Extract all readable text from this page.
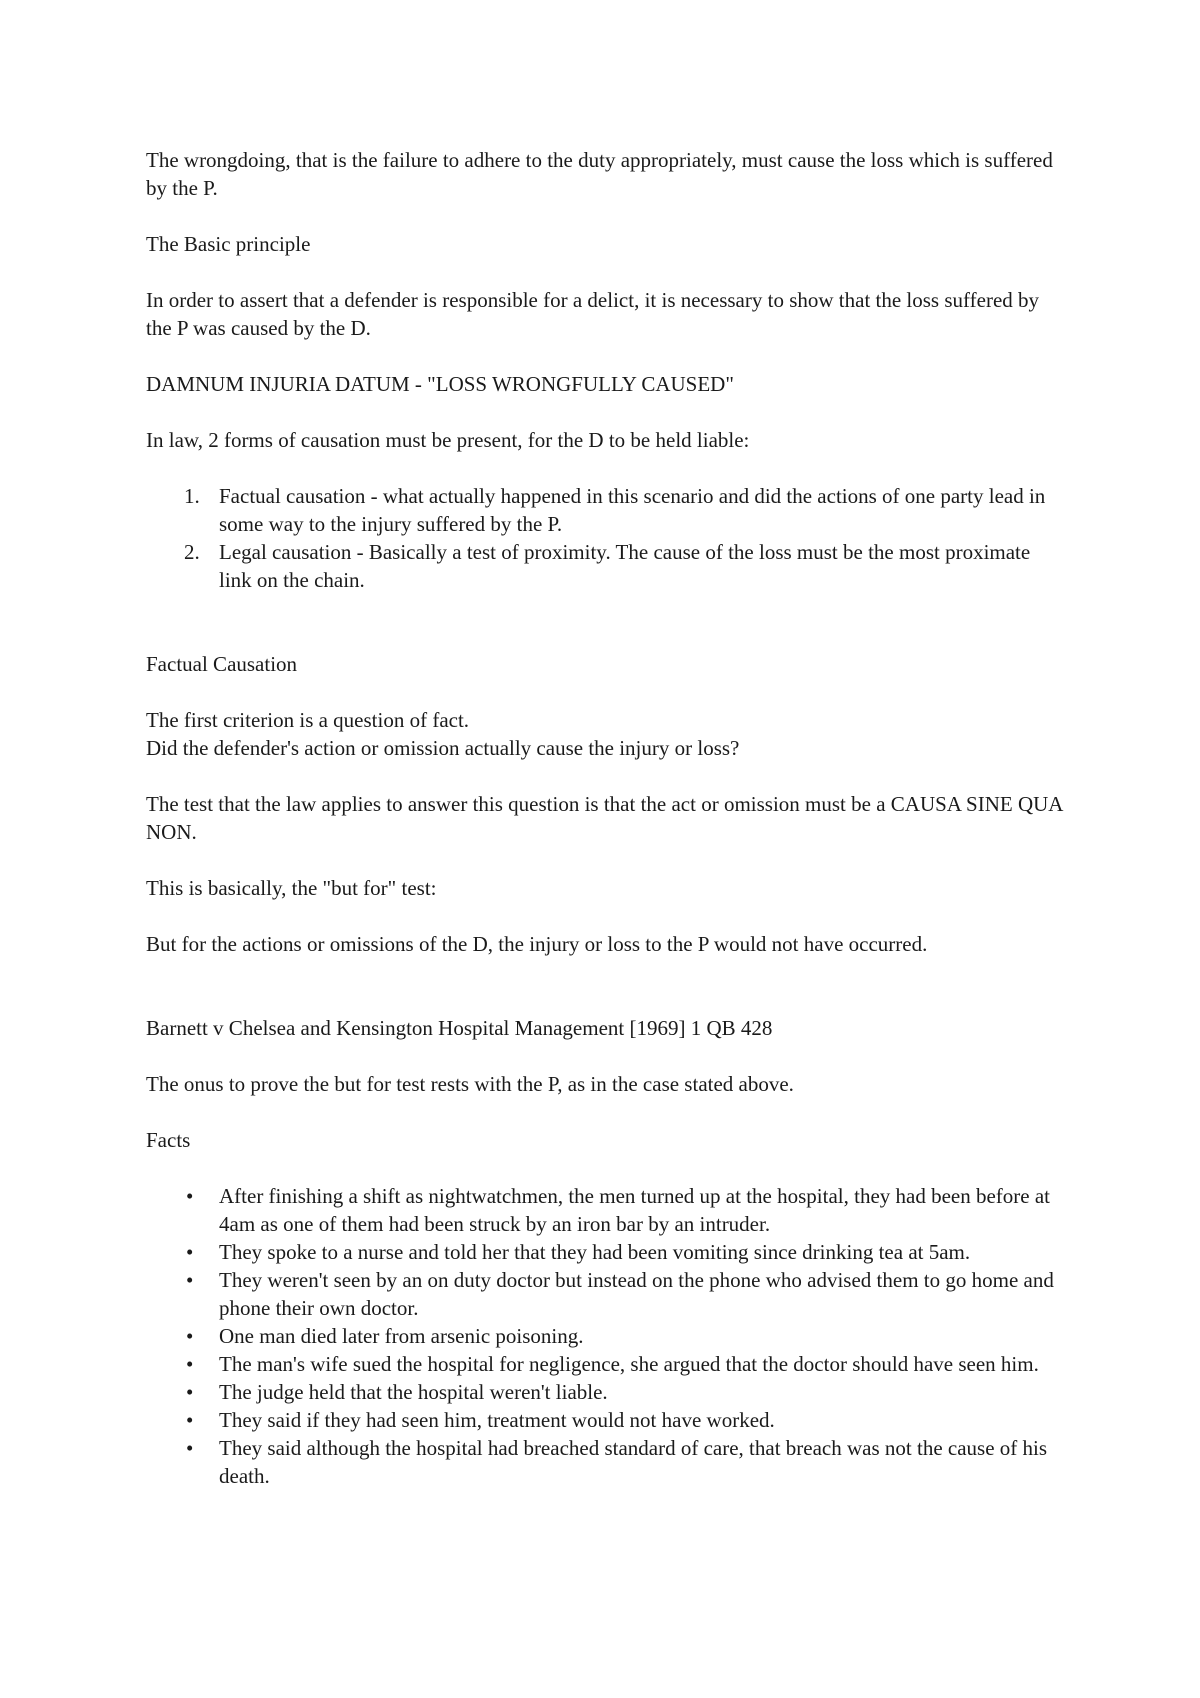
The wrongdoing, that is the failure to adhere to the duty appropriately, must cause the loss which is suffered by the P.

The Basic principle

In order to assert that a defender is responsible for a delict, it is necessary to show that the loss suffered by the P was caused by the D.

DAMNUM INJURIA DATUM - "LOSS WRONGFULLY CAUSED"

In law, 2 forms of causation must be present, for the D to be held liable:

1. Factual causation - what actually happened in this scenario and did the actions of one party lead in some way to the injury suffered by the P.
2. Legal causation - Basically a test of proximity. The cause of the loss must be the most proximate link on the chain.

Factual Causation

The first criterion is a question of fact.

Did the defender's action or omission actually cause the injury or loss?

The test that the law applies to answer this question is that the act or omission must be a CAUSA SINE QUA NON.

This is basically, the "but for" test:

But for the actions or omissions of the D, the injury or loss to the P would not have occurred.

Barnett v Chelsea and Kensington Hospital Management [1969] 1 QB 428

The onus to prove the but for test rests with the P, as in the case stated above.

Facts

• After finishing a shift as nightwatchmen, the men turned up at the hospital, they had been before at 4am as one of them had been struck by an iron bar by an intruder.
• They spoke to a nurse and told her that they had been vomiting since drinking tea at 5am.
• They weren't seen by an on duty doctor but instead on the phone who advised them to go home and phone their own doctor.
• One man died later from arsenic poisoning.
• The man's wife sued the hospital for negligence, she argued that the doctor should have seen him.
• The judge held that the hospital weren't liable.
• They said if they had seen him, treatment would not have worked.
• They said although the hospital had breached standard of care, that breach was not the cause of his death.
